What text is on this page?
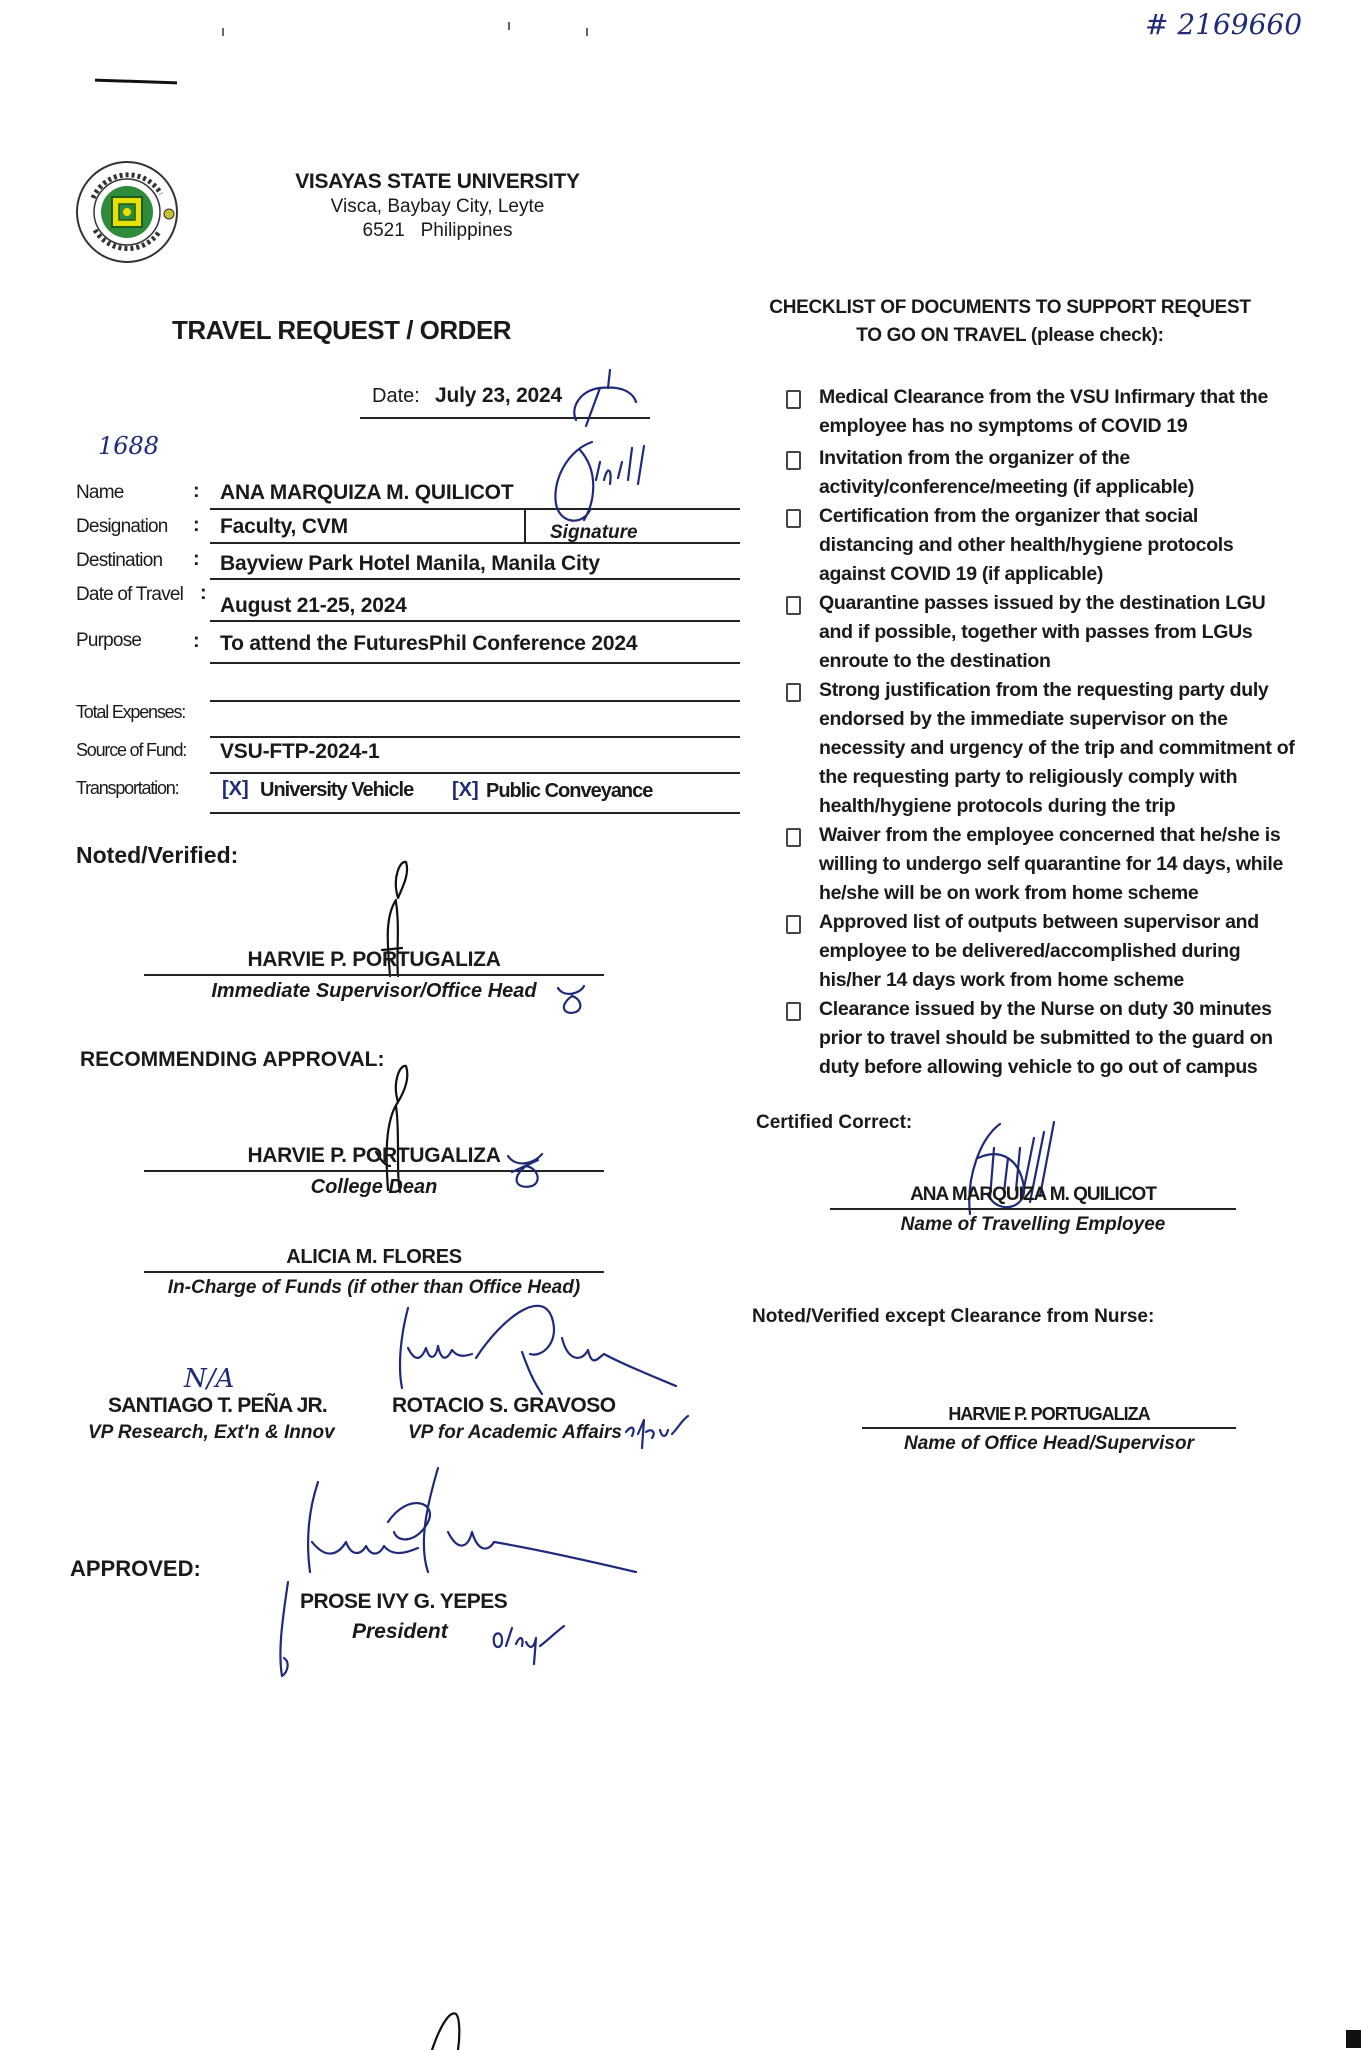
# 2169660
VISAYAS STATE UNIVERSITY
Visca, Baybay City, Leyte
6521   Philippines
TRAVEL REQUEST / ORDER
Date: July 23, 2024
1688
Name	: ANA MARQUIZA M. QUILICOT
Designation : Faculty, CVM	Signature
Destination : Bayview Park Hotel Manila, Manila City
Date of Travel :
August 21-25, 2024
Purpose	: To attend the FuturesPhil Conference 2024
Total Expenses:
Source of Fund: VSU-FTP-2024-1
Transportation: [X] University Vehicle [X] Public Conveyance
Noted/Verified:
HARVIE P. PORTUGALIZA
Immediate Supervisor/Office Head
RECOMMENDING APPROVAL:
HARVIE P. PORTUGALIZA
College Dean
ALICIA M. FLORES
In-Charge of Funds (if other than Office Head)
N/A
SANTIAGO T. PEÑA JR.
VP Research, Ext'n & Innov
ROTACIO S. GRAVOSO
VP for Academic Affairs
APPROVED:
PROSE IVY G. YEPES
President
CHECKLIST OF DOCUMENTS TO SUPPORT REQUEST
TO GO ON TRAVEL (please check):
Medical Clearance from the VSU Infirmary that the employee has no symptoms of COVID 19
Invitation from the organizer of the activity/conference/meeting (if applicable)
Certification from the organizer that social distancing and other health/hygiene protocols against COVID 19 (if applicable)
Quarantine passes issued by the destination LGU and if possible, together with passes from LGUs enroute to the destination
Strong justification from the requesting party duly endorsed by the immediate supervisor on the necessity and urgency of the trip and commitment of the requesting party to religiously comply with health/hygiene protocols during the trip
Waiver from the employee concerned that he/she is willing to undergo self quarantine for 14 days, while he/she will be on work from home scheme
Approved list of outputs between supervisor and employee to be delivered/accomplished during his/her 14 days work from home scheme
Clearance issued by the Nurse on duty 30 minutes prior to travel should be submitted to the guard on duty before allowing vehicle to go out of campus
Certified Correct:
ANA MARQUIZA M. QUILICOT
Name of Travelling Employee
Noted/Verified except Clearance from Nurse:
HARVIE P. PORTUGALIZA
Name of Office Head/Supervisor
